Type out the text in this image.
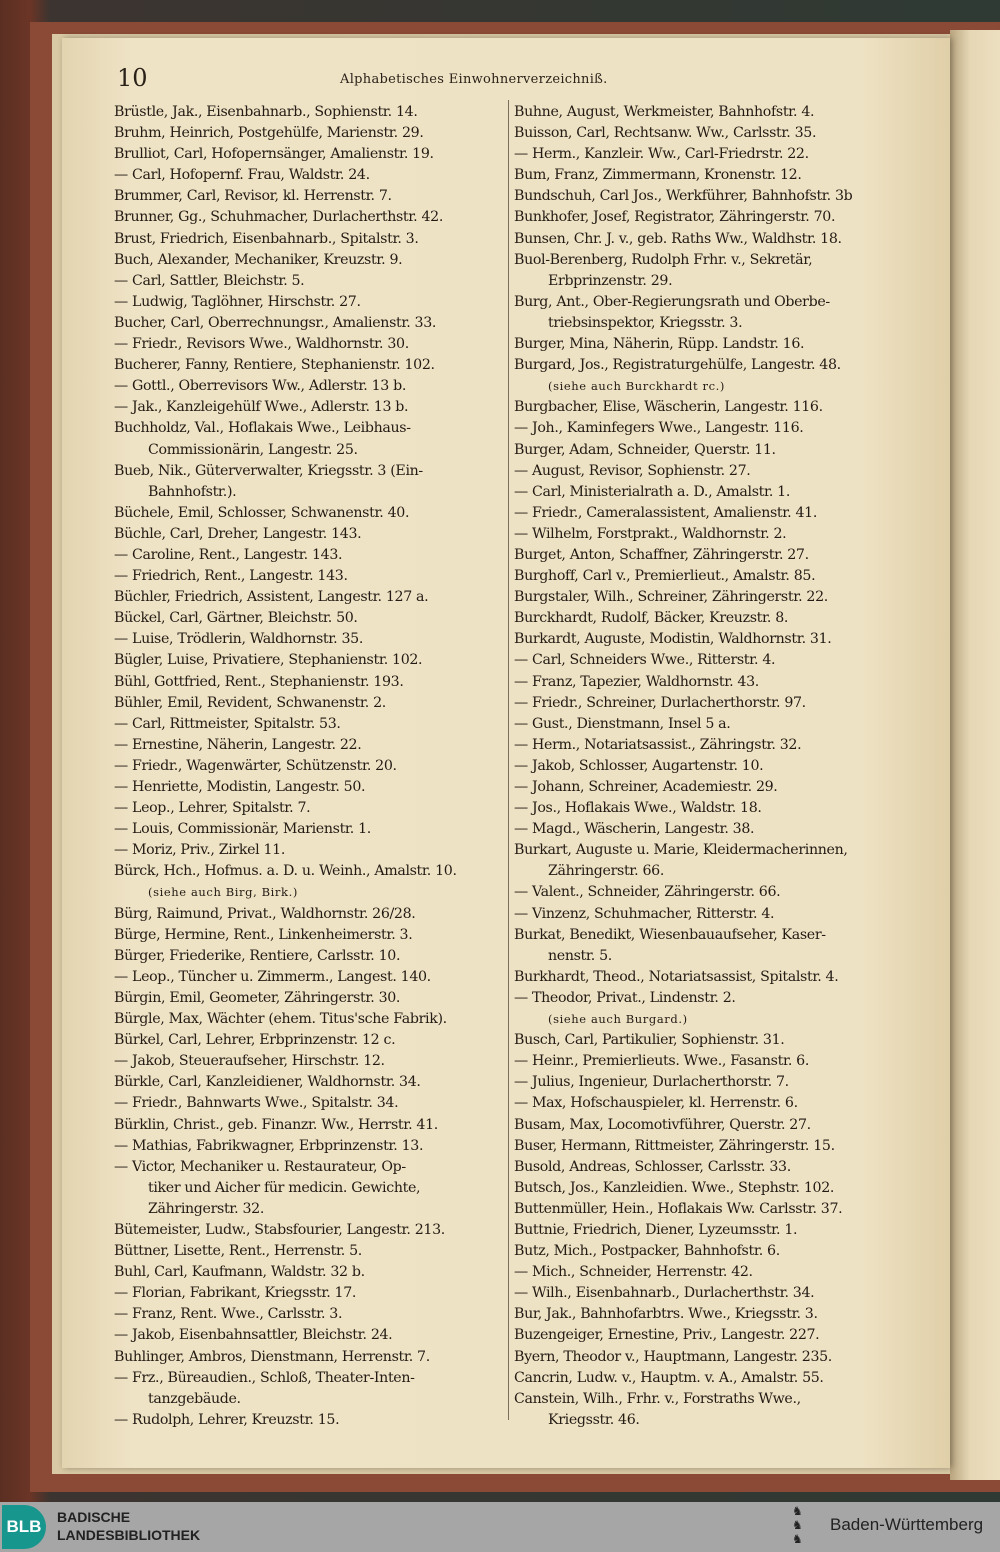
10	Alphabetisches Einwohnerverzeichniß.
Brüstle, Jak., Eisenbahnarb., Sophienstr. 14.
Bruhm, Heinrich, Postgehülfe, Marienstr. 29.
Brulliot, Carl, Hofopernsänger, Amalienstr. 19.
— Carl, Hofopernf. Frau, Waldstr. 24.
Brummer, Carl, Revisor, kl. Herrenstr. 7.
Brunner, Gg., Schuhmacher, Durlacherthstr. 42.
Brust, Friedrich, Eisenbahnarb., Spitalstr. 3.
Buch, Alexander, Mechaniker, Kreuzstr. 9.
— Carl, Sattler, Bleichstr. 5.
— Ludwig, Taglöhner, Hirschstr. 27.
Bucher, Carl, Oberrechnungsr., Amalienstr. 33.
— Friedr., Revisors Wwe., Waldhornstr. 30.
Bucherer, Fanny, Rentiere, Stephanienstr. 102.
— Gottl., Oberrevisors Ww., Adlerstr. 13 b.
— Jak., Kanzleigehülf Wwe., Adlerstr. 13 b.
Buchholdz, Val., Hoflakais Wwe., Leibhaus-
Commissionärin, Langestr. 25.
Bueb, Nik., Güterverwalter, Kriegsstr. 3 (Ein-
Bahnhofstr.).
Büchele, Emil, Schlosser, Schwanenstr. 40.
Büchle, Carl, Dreher, Langestr. 143.
— Caroline, Rent., Langestr. 143.
— Friedrich, Rent., Langestr. 143.
Büchler, Friedrich, Assistent, Langestr. 127 a.
Bückel, Carl, Gärtner, Bleichstr. 50.
— Luise, Trödlerin, Waldhornstr. 35.
Bügler, Luise, Privatiere, Stephanienstr. 102.
Bühl, Gottfried, Rent., Stephanienstr. 193.
Bühler, Emil, Revident, Schwanenstr. 2.
— Carl, Rittmeister, Spitalstr. 53.
— Ernestine, Näherin, Langestr. 22.
— Friedr., Wagenwärter, Schützenstr. 20.
— Henriette, Modistin, Langestr. 50.
— Leop., Lehrer, Spitalstr. 7.
— Louis, Commissionär, Marienstr. 1.
— Moriz, Priv., Zirkel 11.
Bürck, Hch., Hofmus. a. D. u. Weinh., Amalstr. 10.
(siehe auch Birg, Birk.)
Bürg, Raimund, Privat., Waldhornstr. 26/28.
Bürge, Hermine, Rent., Linkenheimerstr. 3.
Bürger, Friederike, Rentiere, Carlsstr. 10.
— Leop., Tüncher u. Zimmerm., Langest. 140.
Bürgin, Emil, Geometer, Zähringerstr. 30.
Bürgle, Max, Wächter (ehem. Titus'sche Fabrik).
Bürkel, Carl, Lehrer, Erbprinzenstr. 12 c.
— Jakob, Steueraufseher, Hirschstr. 12.
Bürkle, Carl, Kanzleidiener, Waldhornstr. 34.
— Friedr., Bahnwarts Wwe., Spitalstr. 34.
Bürklin, Christ., geb. Finanzr. Ww., Herrstr. 41.
— Mathias, Fabrikwagner, Erbprinzenstr. 13.
— Victor, Mechaniker u. Restaurateur, Op-
tiker und Aicher für medicin. Gewichte,
Zähringerstr. 32.
Bütemeister, Ludw., Stabsfourier, Langestr. 213.
Büttner, Lisette, Rent., Herrenstr. 5.
Buhl, Carl, Kaufmann, Waldstr. 32 b.
— Florian, Fabrikant, Kriegsstr. 17.
— Franz, Rent. Wwe., Carlsstr. 3.
— Jakob, Eisenbahnsattler, Bleichstr. 24.
Buhlinger, Ambros, Dienstmann, Herrenstr. 7.
— Frz., Büreaudien., Schloß, Theater-Inten-
tanzgebäude.
— Rudolph, Lehrer, Kreuzstr. 15.
Buhne, August, Werkmeister, Bahnhofstr. 4.
Buisson, Carl, Rechtsanw. Ww., Carlsstr. 35.
— Herm., Kanzleir. Ww., Carl-Friedrstr. 22.
Bum, Franz, Zimmermann, Kronenstr. 12.
Bundschuh, Carl Jos., Werkführer, Bahnhofstr. 3b
Bunkhofer, Josef, Registrator, Zähringerstr. 70.
Bunsen, Chr. J. v., geb. Raths Ww., Waldhstr. 18.
Buol-Berenberg, Rudolph Frhr. v., Sekretär,
Erbprinzenstr. 29.
Burg, Ant., Ober-Regierungsrath und Oberbe-
triebsinspektor, Kriegsstr. 3.
Burger, Mina, Näherin, Rüpp. Landstr. 16.
Burgard, Jos., Registraturgehülfe, Langestr. 48.
(siehe auch Burckhardt rc.)
Burgbacher, Elise, Wäscherin, Langestr. 116.
— Joh., Kaminfegers Wwe., Langestr. 116.
Burger, Adam, Schneider, Querstr. 11.
— August, Revisor, Sophienstr. 27.
— Carl, Ministerialrath a. D., Amalstr. 1.
— Friedr., Cameralassistent, Amalienstr. 41.
— Wilhelm, Forstprakt., Waldhornstr. 2.
Burget, Anton, Schaffner, Zähringerstr. 27.
Burghoff, Carl v., Premierlieut., Amalstr. 85.
Burgstaler, Wilh., Schreiner, Zähringerstr. 22.
Burckhardt, Rudolf, Bäcker, Kreuzstr. 8.
Burkardt, Auguste, Modistin, Waldhornstr. 31.
— Carl, Schneiders Wwe., Ritterstr. 4.
— Franz, Tapezier, Waldhornstr. 43.
— Friedr., Schreiner, Durlacherthorstr. 97.
— Gust., Dienstmann, Insel 5 a.
— Herm., Notariatsassist., Zähringstr. 32.
— Jakob, Schlosser, Augartenstr. 10.
— Johann, Schreiner, Academiestr. 29.
— Jos., Hoflakais Wwe., Waldstr. 18.
— Magd., Wäscherin, Langestr. 38.
Burkart, Auguste u. Marie, Kleidermacherinnen,
Zähringerstr. 66.
— Valent., Schneider, Zähringerstr. 66.
— Vinzenz, Schuhmacher, Ritterstr. 4.
Burkat, Benedikt, Wiesenbauaufseher, Kaser-
nenstr. 5.
Burkhardt, Theod., Notariatsassist, Spitalstr. 4.
— Theodor, Privat., Lindenstr. 2.
(siehe auch Burgard.)
Busch, Carl, Partikulier, Sophienstr. 31.
— Heinr., Premierlieuts. Wwe., Fasanstr. 6.
— Julius, Ingenieur, Durlacherthorstr. 7.
— Max, Hofschauspieler, kl. Herrenstr. 6.
Busam, Max, Locomotivführer, Querstr. 27.
Buser, Hermann, Rittmeister, Zähringerstr. 15.
Busold, Andreas, Schlosser, Carlsstr. 33.
Butsch, Jos., Kanzleidien. Wwe., Stephstr. 102.
Buttenmüller, Hein., Hoflakais Ww. Carlsstr. 37.
Buttnie, Friedrich, Diener, Lyzeumsstr. 1.
Butz, Mich., Postpacker, Bahnhofstr. 6.
— Mich., Schneider, Herrenstr. 42.
— Wilh., Eisenbahnarb., Durlacherthstr. 34.
Bur, Jak., Bahnhofarbtrs. Wwe., Kriegsstr. 3.
Buzengeiger, Ernestine, Priv., Langestr. 227.
Byern, Theodor v., Hauptmann, Langestr. 235.
Cancrin, Ludw. v., Hauptm. v. A., Amalstr. 55.
Canstein, Wilh., Frhr. v., Forstraths Wwe.,
Kriegsstr. 46.
BLB	BADISCHE
LANDESBIBLIOTHEK
♞
♞
♞
Baden-Württemberg
